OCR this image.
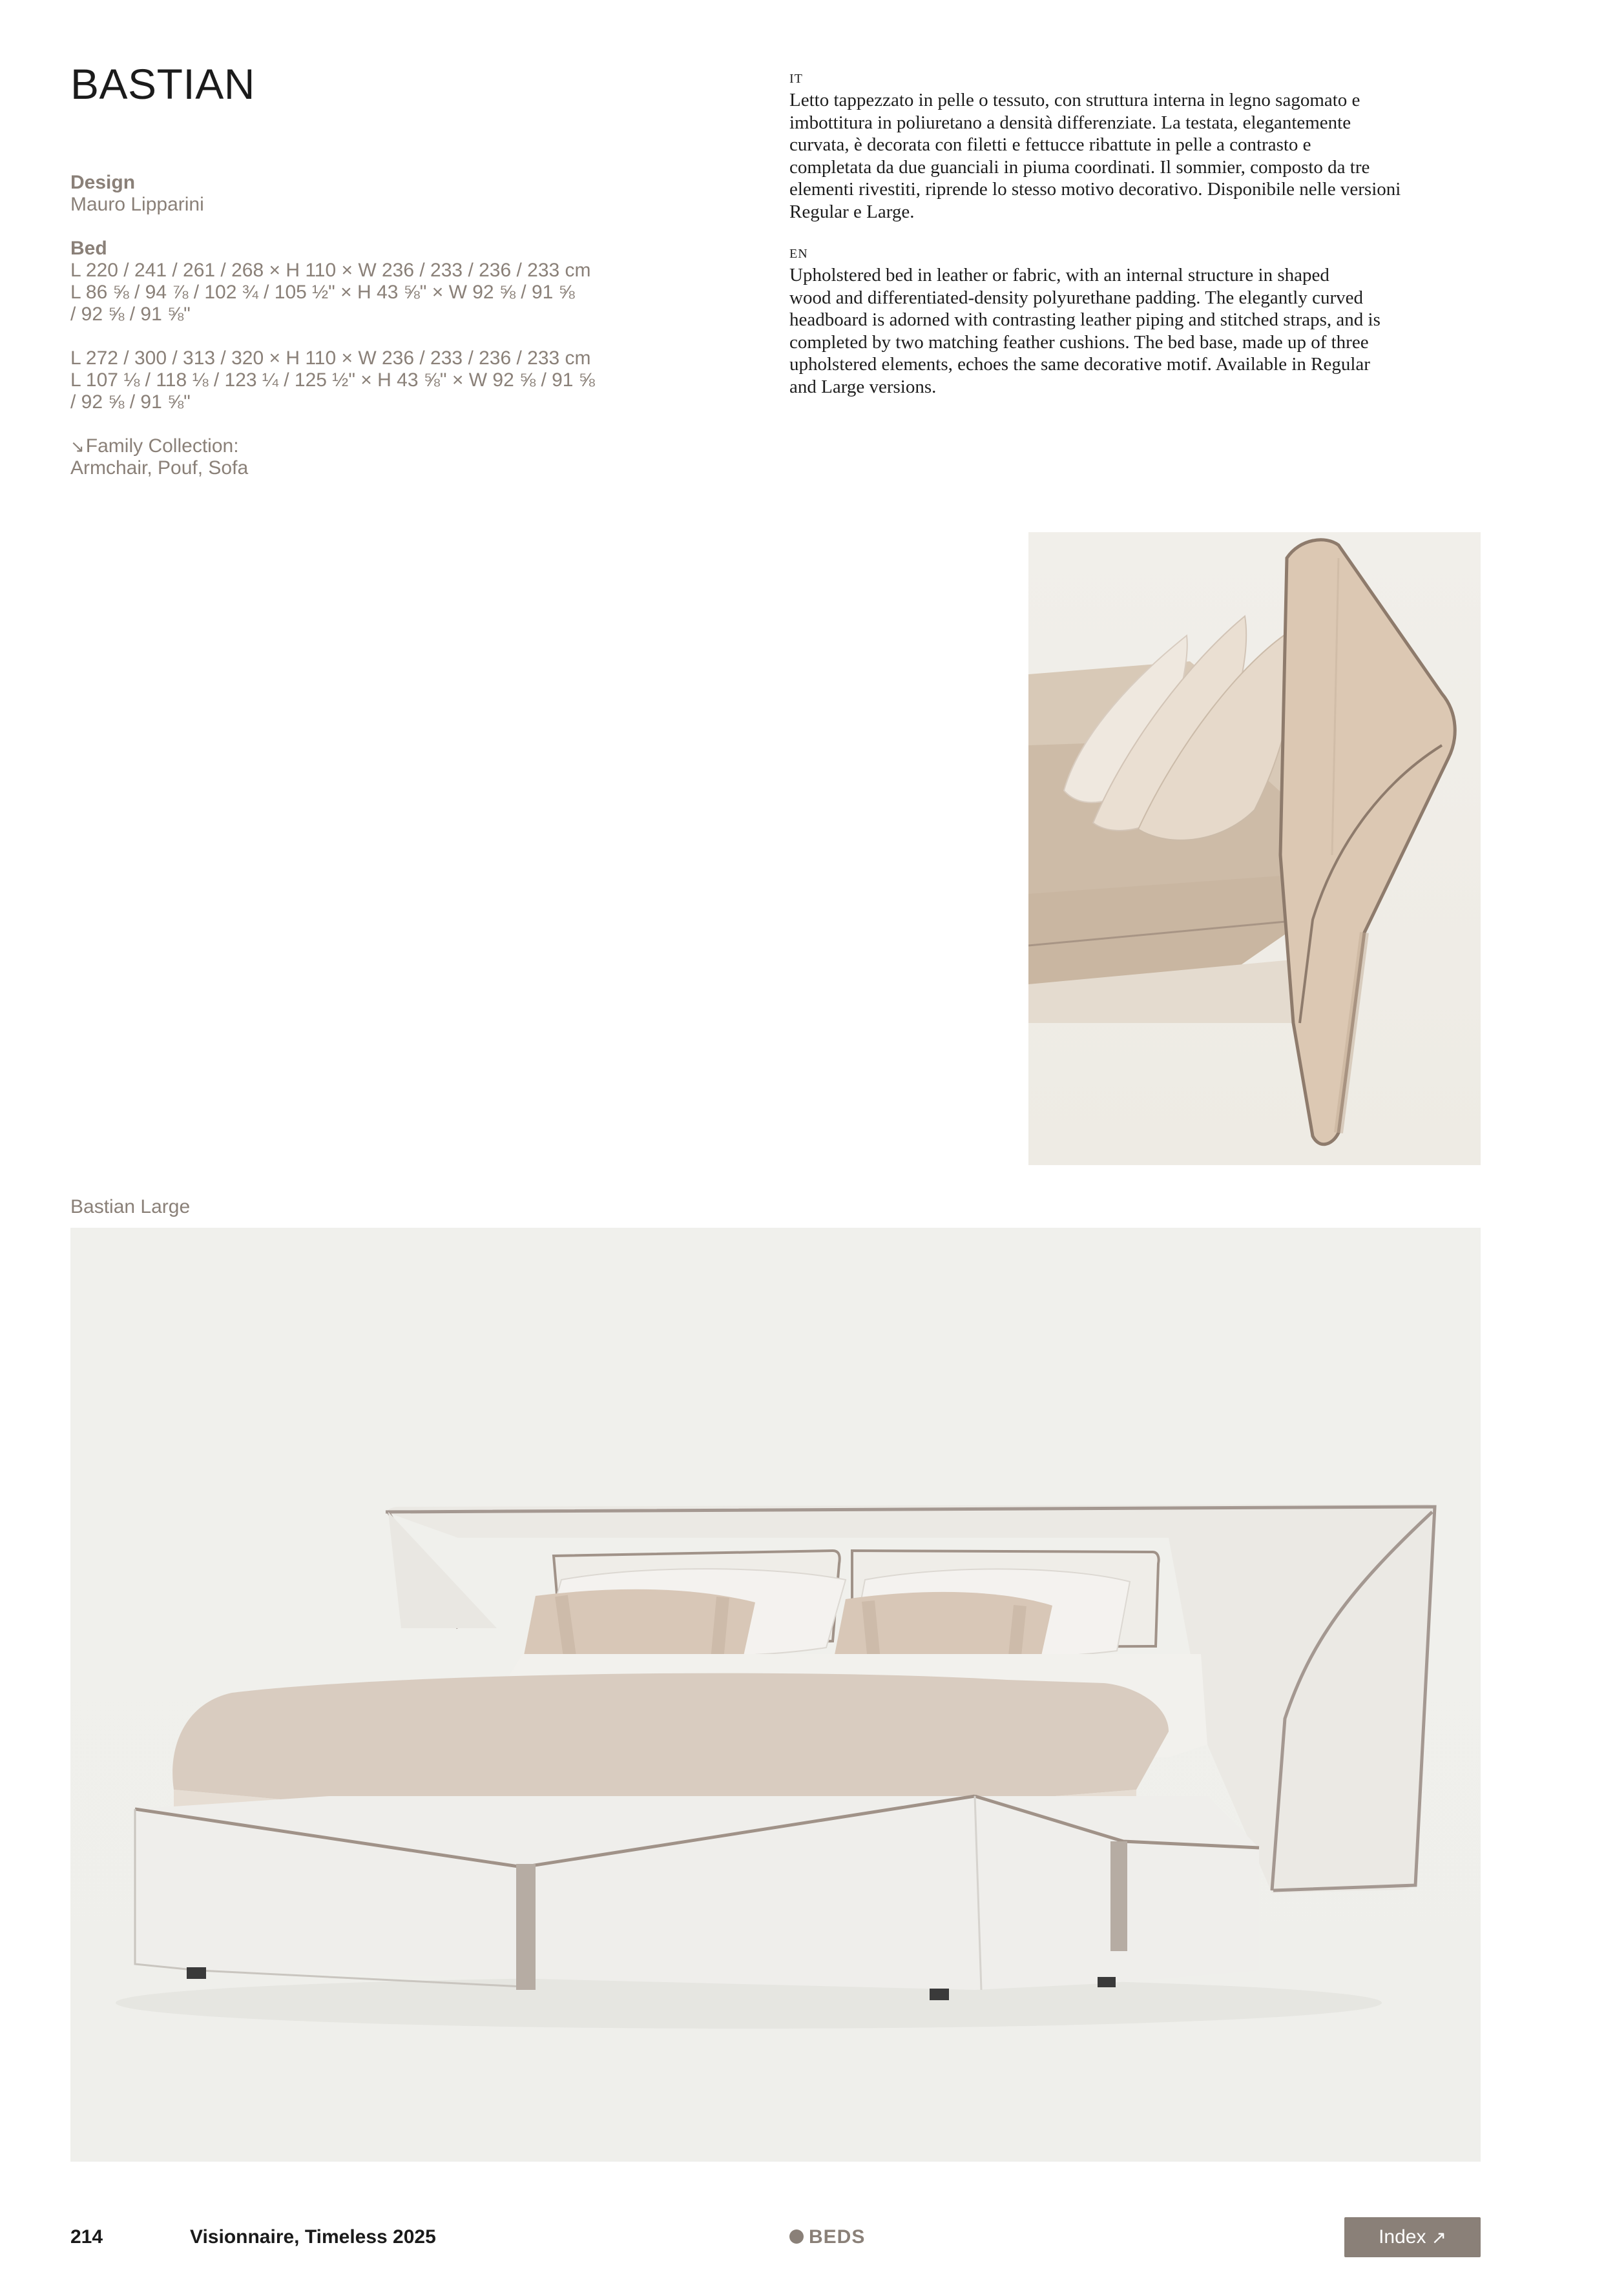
BASTIAN
Design
Mauro Lipparini
Bed
L 220 / 241 / 261 / 268 × H 110 × W 236 / 233 / 236 / 233 cm
L 86 ⅝ / 94 ⅞ / 102 ¾ / 105 ½" × H 43 ⅝" × W 92 ⅝ / 91 ⅝
/ 92 ⅝ / 91 ⅝"
L 272 / 300 / 313 / 320 × H 110 × W 236 / 233 / 236 / 233 cm
L 107 ⅛ / 118 ⅛ / 123 ¼ / 125 ½" × H 43 ⅝" × W 92 ⅝ / 91 ⅝
/ 92 ⅝ / 91 ⅝"
↘Family Collection:
Armchair, Pouf, Sofa
IT

Letto tappezzato in pelle o tessuto, con struttura interna in legno sagomato e
imbottitura in poliuretano a densità differenziate. La testata, elegantemente
curvata, è decorata con filetti e fettucce ribattute in pelle a contrasto e
completata da due guanciali in piuma coordinati. Il sommier, composto da tre
elementi rivestiti, riprende lo stesso motivo decorativo. Disponibile nelle versioni
Regular e Large.

EN

Upholstered bed in leather or fabric, with an internal structure in shaped
wood and differentiated-density polyurethane padding. The elegantly curved
headboard is adorned with contrasting leather piping and stitched straps, and is
completed by two matching feather cushions. The bed base, made up of three
upholstered elements, echoes the same decorative motif. Available in Regular
and Large versions.

Bastian Large
214	Visionnaire, Timeless 2025	BEDS	Index ↗
